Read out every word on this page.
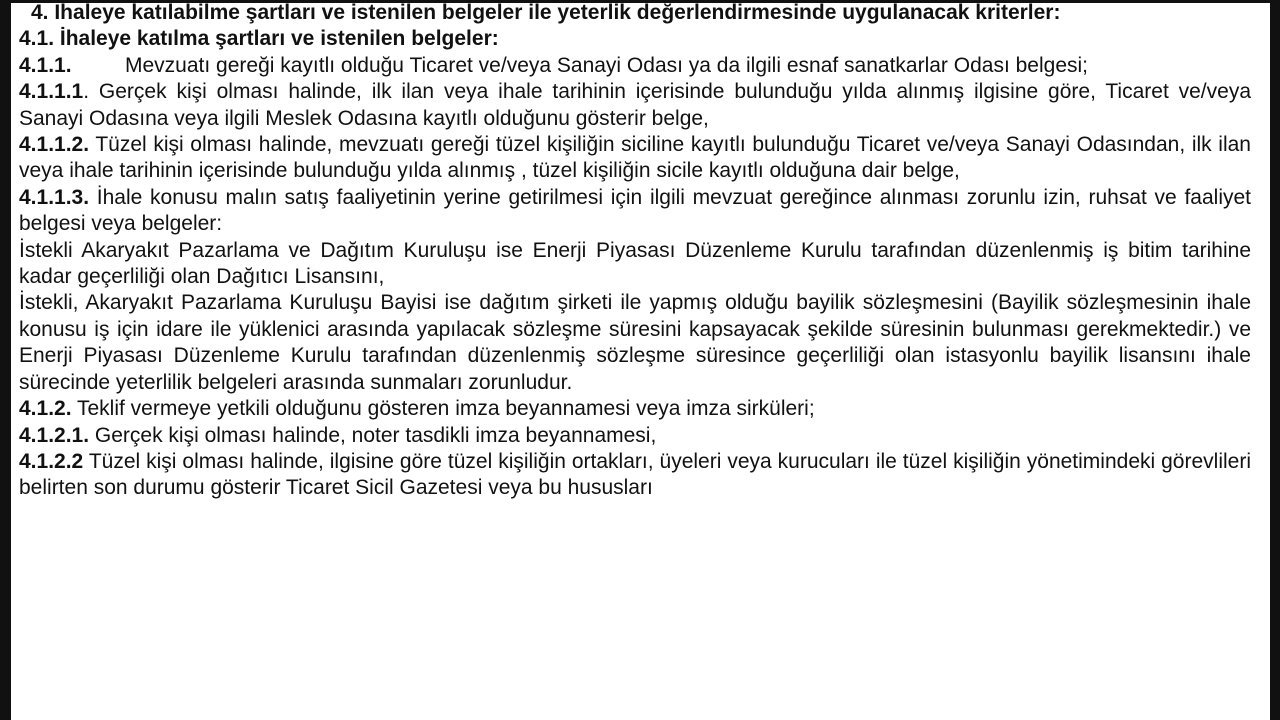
4. İhaleye katılabilme şartları ve istenilen belgeler ile yeterlik değerlendirmesinde uygulanacak kriterler:

4.1. İhaleye katılma şartları ve istenilen belgeler:

4.1.1.	Mevzuatı gereği kayıtlı olduğu Ticaret ve/veya Sanayi Odası ya da ilgili esnaf sanatkarlar Odası belgesi;

4.1.1.1. Gerçek kişi olması halinde, ilk ilan veya ihale tarihinin içerisinde bulunduğu yılda alınmış ilgisine göre, Ticaret ve/veya Sanayi Odasına veya ilgili Meslek Odasına kayıtlı olduğunu gösterir belge,

4.1.1.2. Tüzel kişi olması halinde, mevzuatı gereği tüzel kişiliğin siciline kayıtlı bulunduğu Ticaret ve/veya Sanayi Odasından, ilk ilan veya ihale tarihinin içerisinde bulunduğu yılda alınmış , tüzel kişiliğin sicile kayıtlı olduğuna dair belge,

4.1.1.3. İhale konusu malın satış faaliyetinin yerine getirilmesi için ilgili mevzuat gereğince alınması zorunlu izin, ruhsat ve faaliyet belgesi veya belgeler:

İstekli Akaryakıt Pazarlama ve Dağıtım Kuruluşu ise Enerji Piyasası Düzenleme Kurulu tarafından düzenlenmiş iş bitim tarihine kadar geçerliliği olan Dağıtıcı Lisansını,

İstekli, Akaryakıt Pazarlama Kuruluşu Bayisi ise dağıtım şirketi ile yapmış olduğu bayilik sözleşmesini (Bayilik sözleşmesinin ihale konusu iş için idare ile yüklenici arasında yapılacak sözleşme süresini kapsayacak şekilde süresinin bulunması gerekmektedir.) ve Enerji Piyasası Düzenleme Kurulu tarafından düzenlenmiş sözleşme süresince geçerliliği olan istasyonlu bayilik lisansını ihale sürecinde yeterlilik belgeleri arasında sunmaları zorunludur.

4.1.2. Teklif vermeye yetkili olduğunu gösteren imza beyannamesi veya imza sirküleri;

4.1.2.1. Gerçek kişi olması halinde, noter tasdikli imza beyannamesi,

4.1.2.2 Tüzel kişi olması halinde, ilgisine göre tüzel kişiliğin ortakları, üyeleri veya kurucuları ile tüzel kişiliğin yönetimindeki görevlileri belirten son durumu gösterir Ticaret Sicil Gazetesi veya bu hususları
